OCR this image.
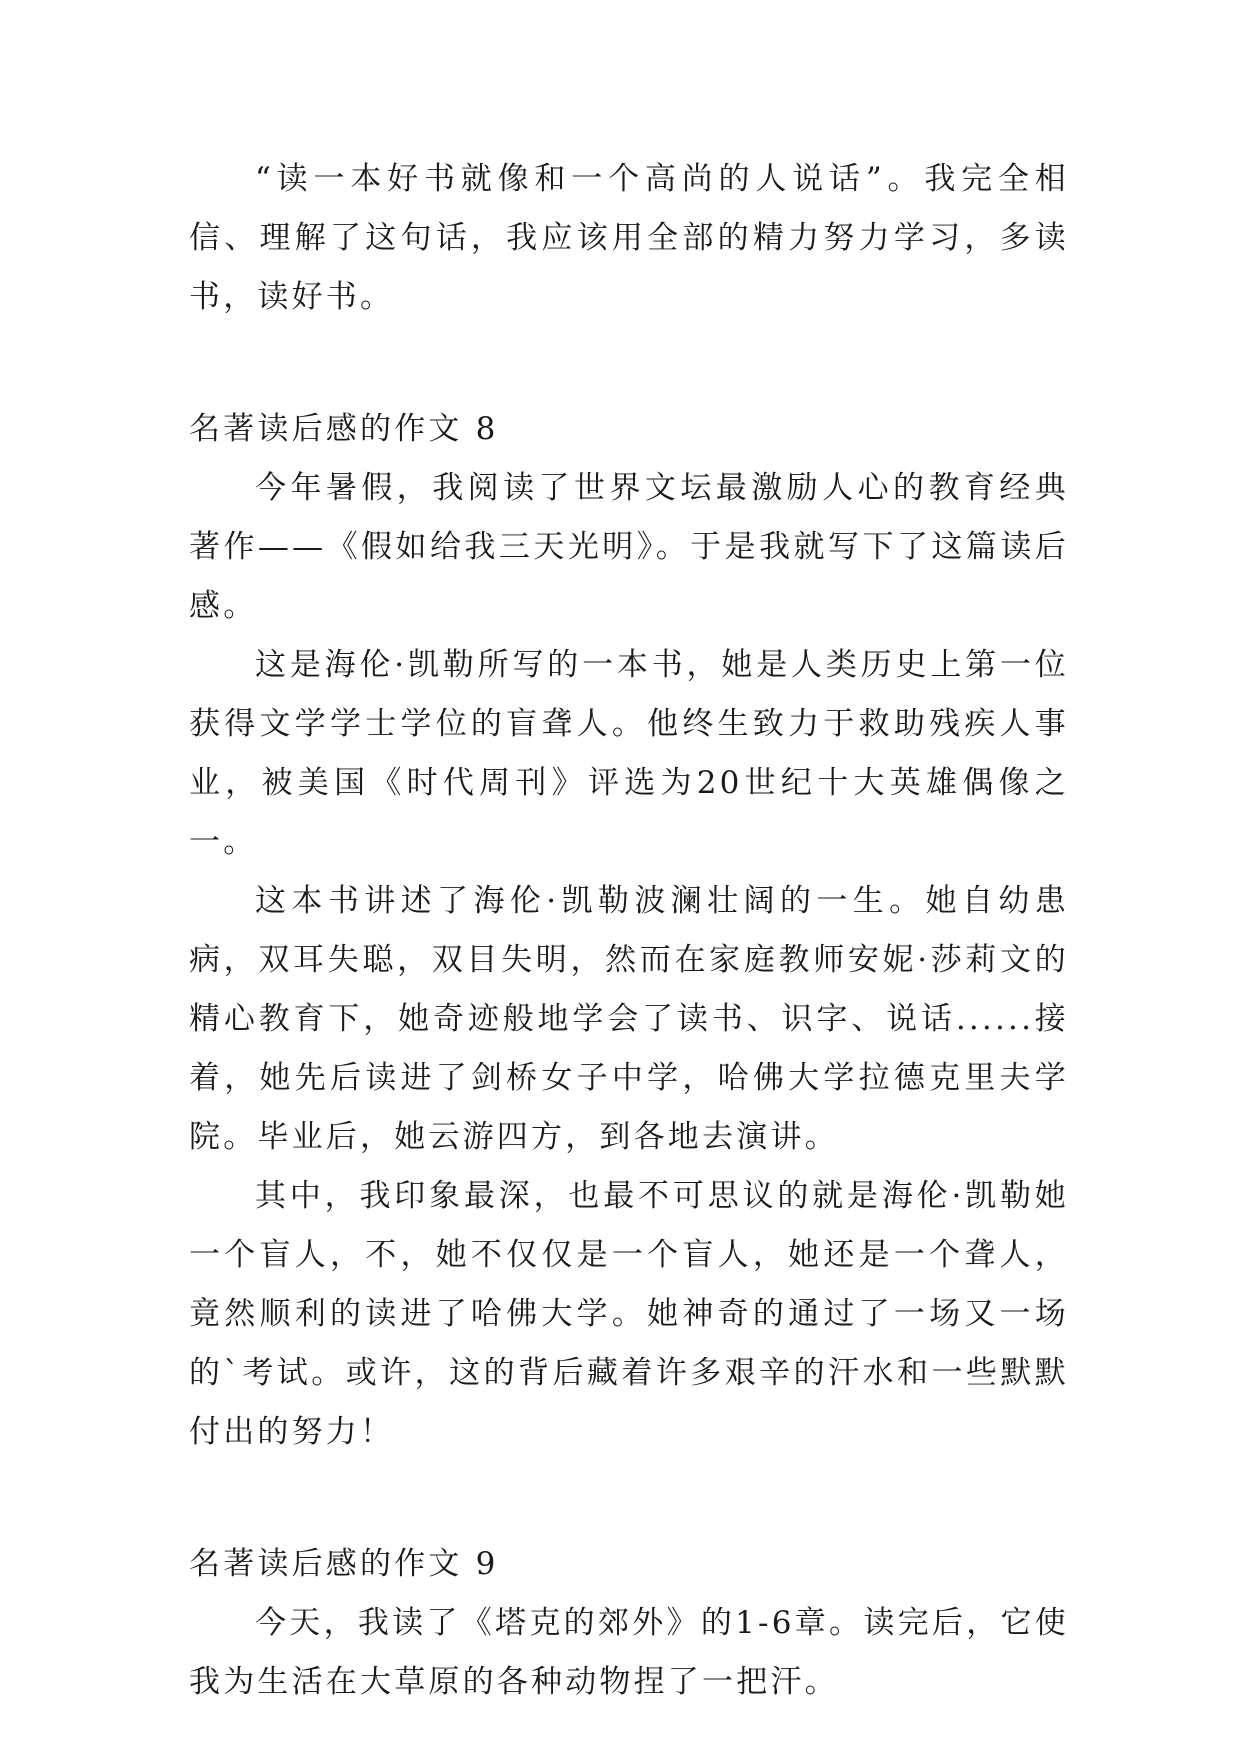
“读一本好书就像和一个高尚的人说话”。我完全相信、理解了这句话，我应该用全部的精力努力学习，多读书，读好书。

名著读后感的作文 8

今年暑假，我阅读了世界文坛最激励人心的教育经典著作——《假如给我三天光明》。于是我就写下了这篇读后感。

这是海伦·凯勒所写的一本书，她是人类历史上第一位获得文学学士学位的盲聋人。他终生致力于救助残疾人事业，被美国《时代周刊》评选为20世纪十大英雄偶像之一。

这本书讲述了海伦·凯勒波澜壮阔的一生。她自幼患病，双耳失聪，双目失明，然而在家庭教师安妮·莎莉文的精心教育下，她奇迹般地学会了读书、识字、说话......接着，她先后读进了剑桥女子中学，哈佛大学拉德克里夫学院。毕业后，她云游四方，到各地去演讲。

其中，我印象最深，也最不可思议的就是海伦·凯勒她一个盲人，不，她不仅仅是一个盲人，她还是一个聋人，竟然顺利的读进了哈佛大学。她神奇的通过了一场又一场的`考试。或许，这的背后藏着许多艰辛的汗水和一些默默付出的努力！

名著读后感的作文 9

今天，我读了《塔克的郊外》的1-6章。读完后，它使我为生活在大草原的各种动物捏了一把汗。
